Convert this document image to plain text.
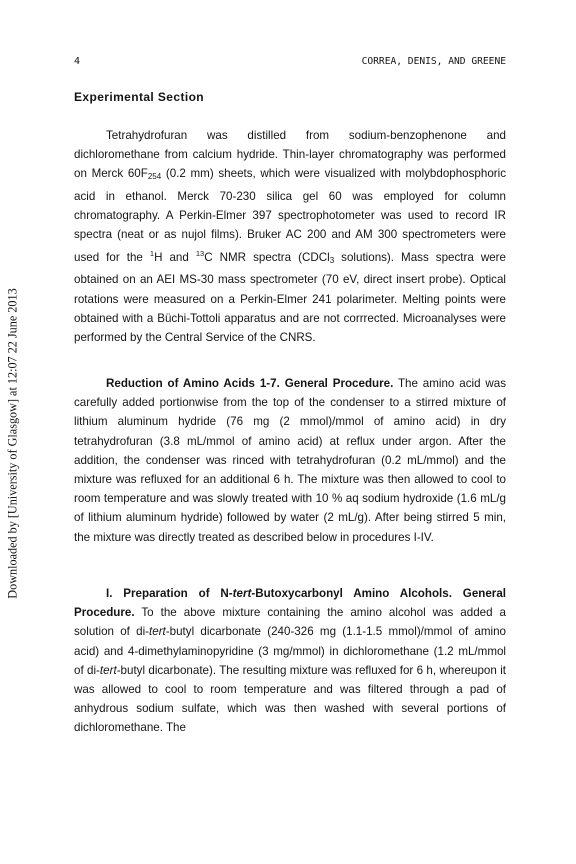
Downloaded by [University of Glasgow] at 12:07 22 June 2013
4	CORREA, DENIS, AND GREENE
Experimental Section

Tetrahydrofuran was distilled from sodium-benzophenone and dichloromethane from calcium hydride. Thin-layer chromatography was performed on Merck $60F_{254}$ (0.2 mm) sheets, which were visualized with molybdophosphoric acid in ethanol. Merck 70-230 silica gel 60 was employed for column chromatography. A Perkin-Elmer 397 spectrophotometer was used to record IR spectra (neat or as nujol films). Bruker AC 200 and AM 300 spectrometers were used for the $^1$H and $^{13}$C NMR spectra (CDCl$_3$ solutions). Mass spectra were obtained on an AEI MS-30 mass spectrometer (70 eV, direct insert probe). Optical rotations were measured on a Perkin-Elmer 241 polarimeter. Melting points were obtained with a Büchi-Tottoli apparatus and are not corrrected. Microanalyses were performed by the Central Service of the CNRS.

Reduction of Amino Acids 1-7. General Procedure. The amino acid was carefully added portionwise from the top of the condenser to a stirred mixture of lithium aluminum hydride (76 mg (2 mmol)/mmol of amino acid) in dry tetrahydrofuran (3.8 mL/mmol of amino acid) at reflux under argon. After the addition, the condenser was rinced with tetrahydrofuran (0.2 mL/mmol) and the mixture was refluxed for an additional 6 h. The mixture was then allowed to cool to room temperature and was slowly treated with 10 % aq sodium hydroxide (1.6 mL/g of lithium aluminum hydride) followed by water (2 mL/g). After being stirred 5 min, the mixture was directly treated as described below in procedures I-IV.

I. Preparation of N-tert-Butoxycarbonyl Amino Alcohols. General Procedure. To the above mixture containing the amino alcohol was added a solution of di-tert-butyl dicarbonate (240-326 mg (1.1-1.5 mmol)/mmol of amino acid) and 4-dimethylaminopyridine (3 mg/mmol) in dichloromethane (1.2 mL/mmol of di-tert-butyl dicarbonate). The resulting mixture was refluxed for 6 h, whereupon it was allowed to cool to room temperature and was filtered through a pad of anhydrous sodium sulfate, which was then washed with several portions of dichloromethane. The
